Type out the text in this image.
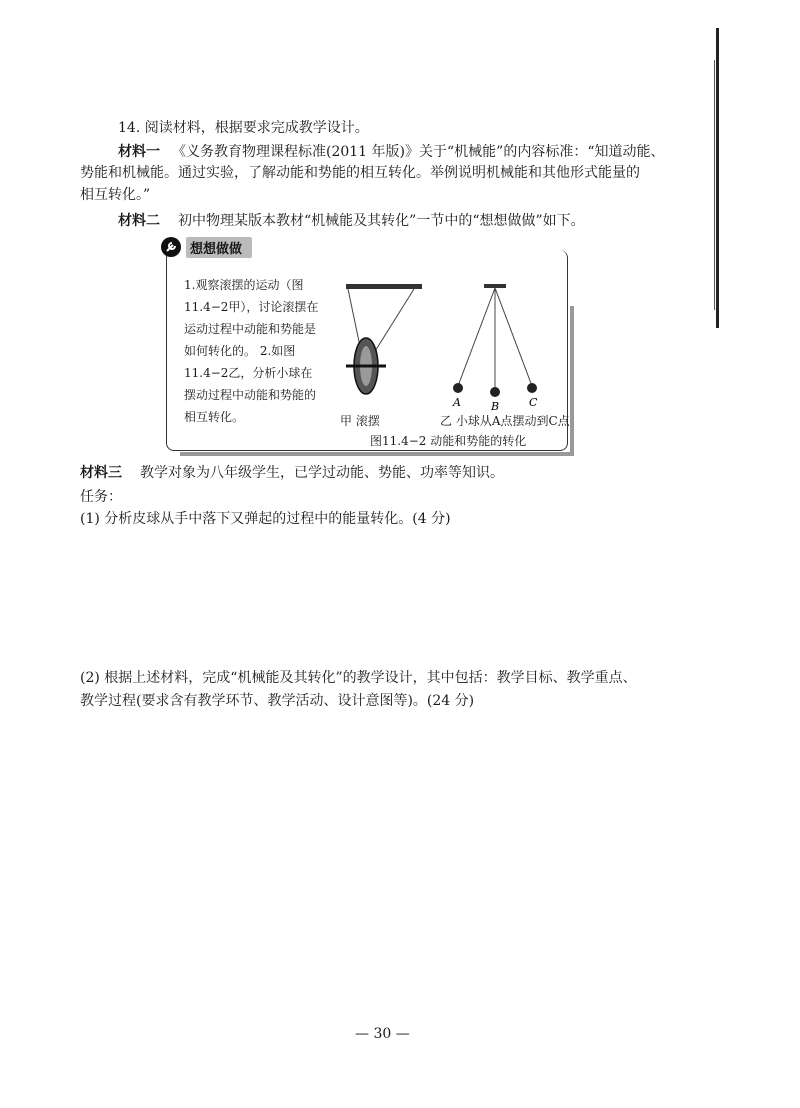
14. 阅读材料，根据要求完成教学设计。
材料一 《义务教育物理课程标准(2011 年版)》关于“机械能”的内容标准：“知道动能、
势能和机械能。通过实验，了解动能和势能的相互转化。举例说明机械能和其他形式能量的
相互转化。”
材料二 初中物理某版本教材“机械能及其转化”一节中的“想想做做”如下。
想想做做
1.观察滚摆的运动（图11.4−2甲），讨论滚摆在运动过程中动能和势能是如何转化的。 2.如图11.4−2乙，分析小球在摆动过程中动能和势能的相互转化。
A	B	C
甲 滚摆	乙 小球从A点摆动到C点
图11.4−2 动能和势能的转化
材料三 教学对象为八年级学生，已学过动能、势能、功率等知识。
任务：
(1) 分析皮球从手中落下又弹起的过程中的能量转化。(4 分)
(2) 根据上述材料，完成“机械能及其转化”的教学设计，其中包括：教学目标、教学重点、
教学过程(要求含有教学环节、教学活动、设计意图等)。(24 分)
— 30 —
